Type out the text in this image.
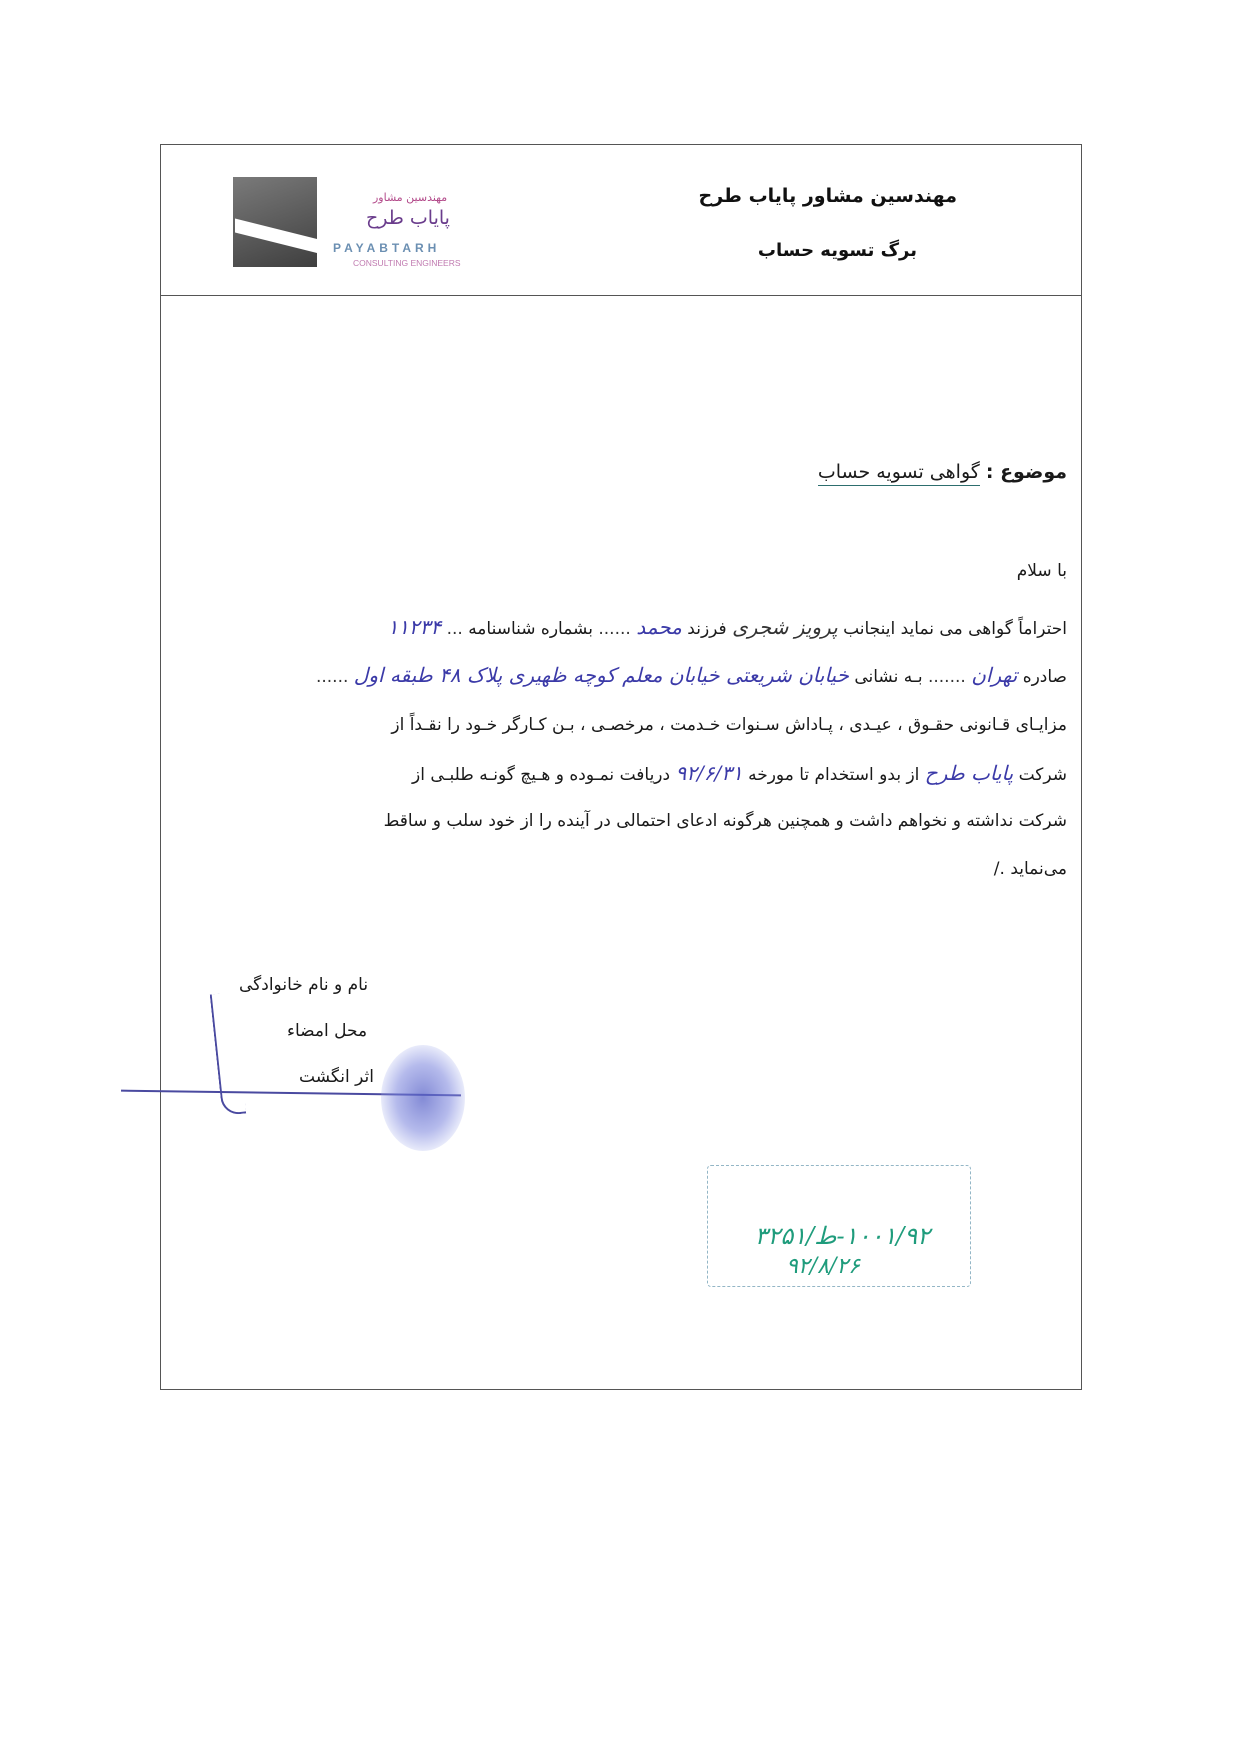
مهندسین مشاور
پایاب طرح
PAYABTARH
CONSULTING ENGINEERS
مهندسین مشاور پایاب طرح
برگ تسویه حساب
موضوع : گواهی تسویه حساب
با سلام
احتراماً گواهی می نماید اینجانب پرویز شجری فرزند محمد ...... بشماره شناسنامه ... ۱۱۲۳۴
صادره تهران ....... بـه نشانی خیابان شریعتی خیابان معلم کوچه ظهیری پلاک ۴۸ طبقه اول ......
مزایـای قـانونی حقـوق ، عیـدی ، پـاداش سـنوات خـدمت ، مرخصـی ، بـن کـارگر خـود را نقـداً از
شرکت پایاب طرح از بدو استخدام تا مورخه ۹۲/۶/۳۱ دریافت نمـوده و هـیچ گونـه طلبـی از
شرکت نداشته و نخواهم داشت و همچنین هرگونه ادعای احتمالی در آینده را از خود سلب و ساقط
می‌نماید ./
نام و نام خانوادگی
محل امضاء
اثر انگشت
۱۰۰۱/۹۲-ط/۳۲۵۱
۹۲/۸/۲۶
